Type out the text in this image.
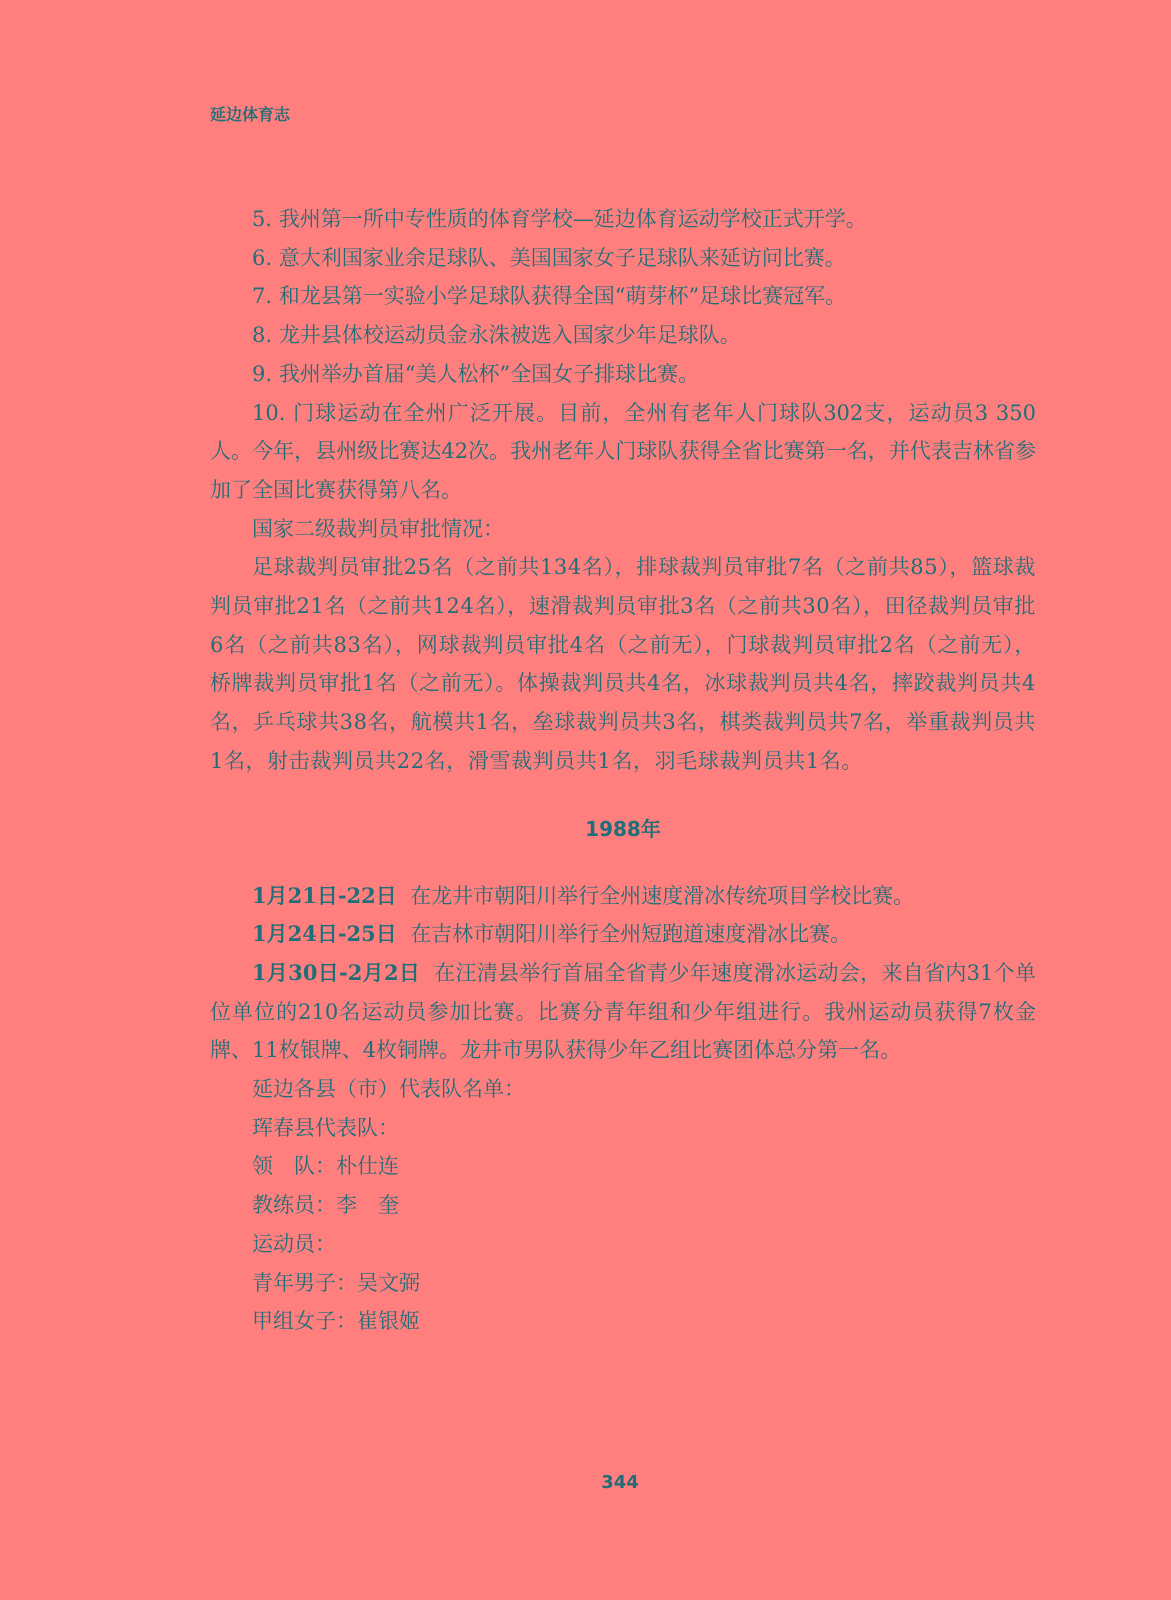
延边体育志

5. 我州第一所中专性质的体育学校—延边体育运动学校正式开学。

6. 意大利国家业余足球队、美国国家女子足球队来延访问比赛。

7. 和龙县第一实验小学足球队获得全国“萌芽杯”足球比赛冠军。

8. 龙井县体校运动员金永洙被选入国家少年足球队。

9. 我州举办首届“美人松杯”全国女子排球比赛。

10. 门球运动在全州广泛开展。目前，全州有老年人门球队302支，运动员3 350人。今年，县州级比赛达42次。我州老年人门球队获得全省比赛第一名，并代表吉林省参加了全国比赛获得第八名。

国家二级裁判员审批情况：

足球裁判员审批25名（之前共134名），排球裁判员审批7名（之前共85），篮球裁判员审批21名（之前共124名），速滑裁判员审批3名（之前共30名），田径裁判员审批6名（之前共83名），网球裁判员审批4名（之前无），门球裁判员审批2名（之前无），桥牌裁判员审批1名（之前无）。体操裁判员共4名，冰球裁判员共4名，摔跤裁判员共4名，乒乓球共38名，航模共1名，垒球裁判员共3名，棋类裁判员共7名，举重裁判员共1名，射击裁判员共22名，滑雪裁判员共1名，羽毛球裁判员共1名。

1988年

1月21日-22日 在龙井市朝阳川举行全州速度滑冰传统项目学校比赛。

1月24日-25日 在吉林市朝阳川举行全州短跑道速度滑冰比赛。

1月30日-2月2日 在汪清县举行首届全省青少年速度滑冰运动会，来自省内31个单位单位的210名运动员参加比赛。比赛分青年组和少年组进行。我州运动员获得7枚金牌、11枚银牌、4枚铜牌。龙井市男队获得少年乙组比赛团体总分第一名。

延边各县（市）代表队名单：

珲春县代表队：

领　队：朴仕连

教练员：李　奎

运动员：

青年男子：吴文弼

甲组女子：崔银姬

344
